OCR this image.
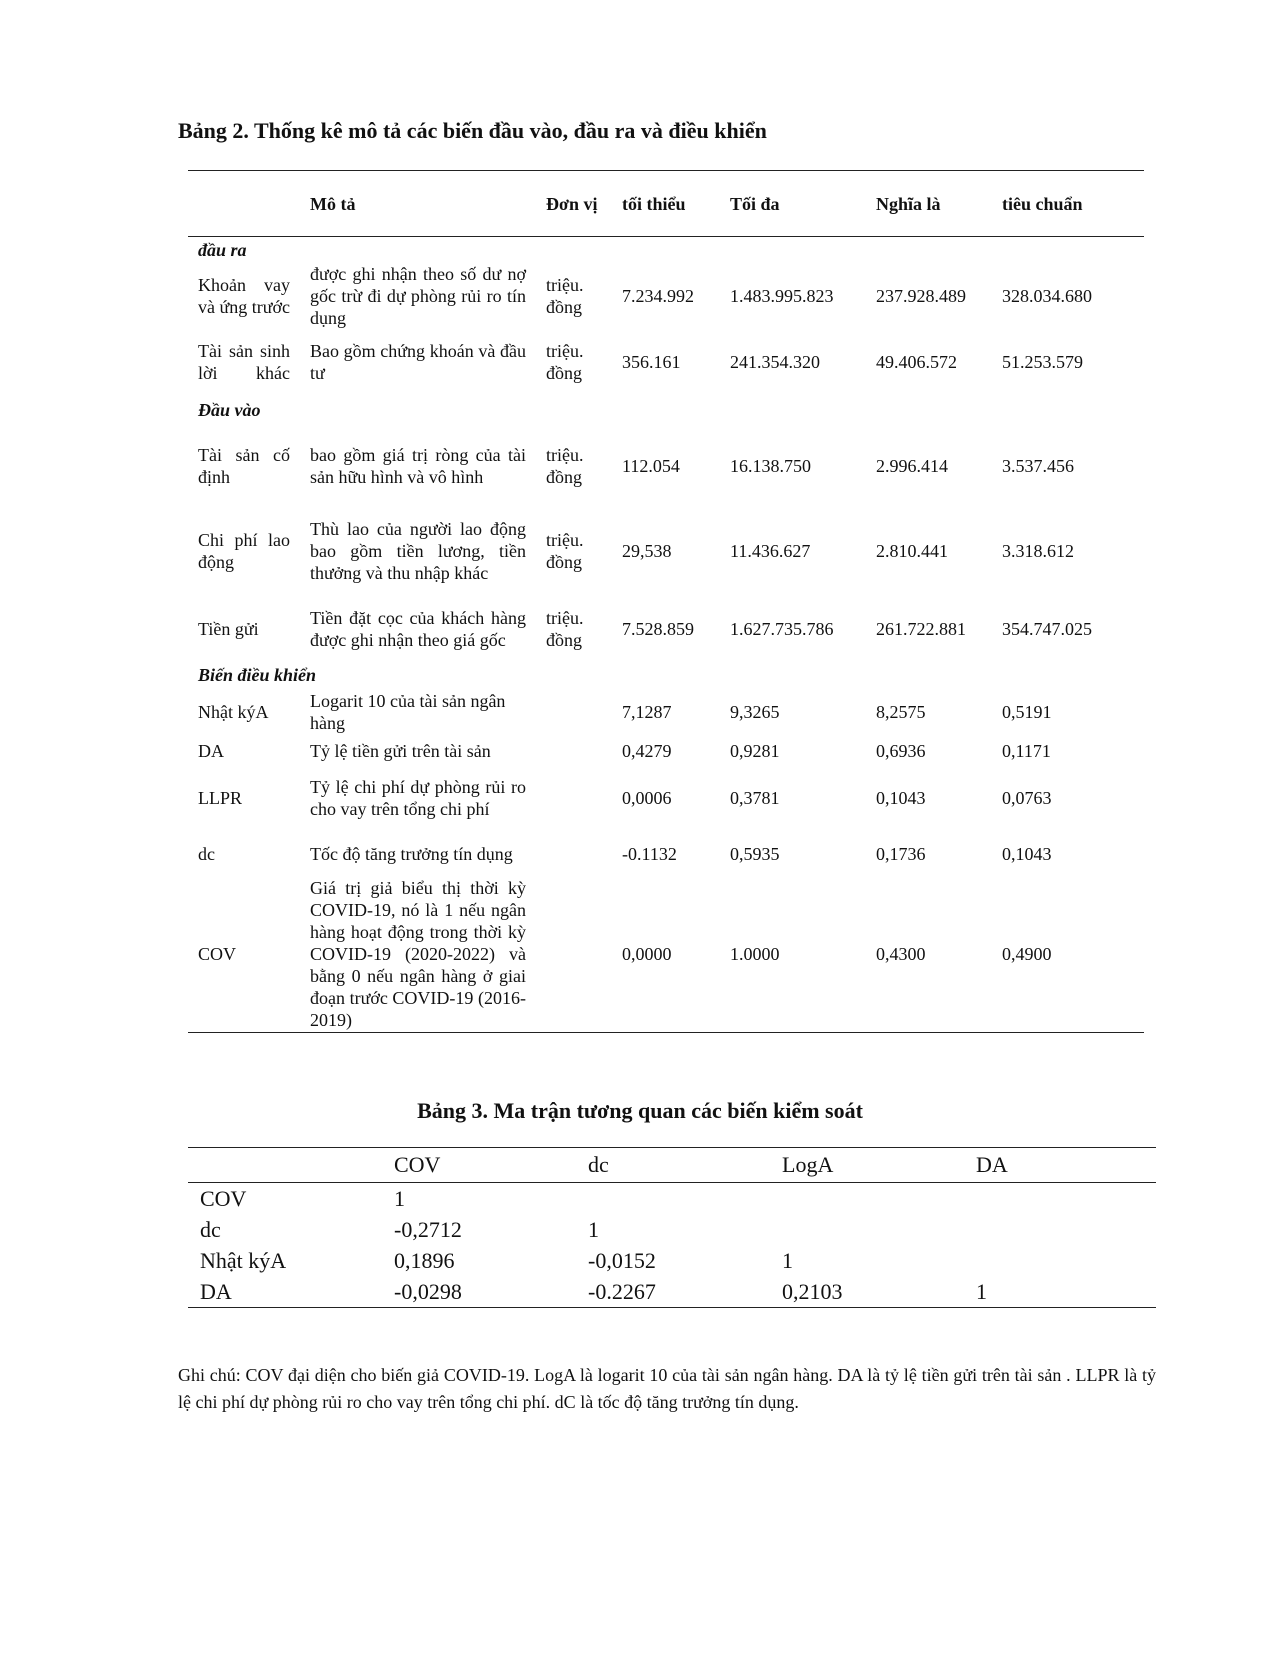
Bảng 2. Thống kê mô tả các biến đầu vào, đầu ra và điều khiển
	Mô tả	Đơn vị	tối thiểu	Tối đa	Nghĩa là	tiêu chuẩn
đầu ra						
Khoản vay và ứng trước	được ghi nhận theo số dư nợ gốc trừ đi dự phòng rủi ro tín dụng	triệu. đồng	7.234.992	1.483.995.823	237.928.489	328.034.680
Tài sản sinh lời khác	Bao gồm chứng khoán và đầu tư	triệu. đồng	356.161	241.354.320	49.406.572	51.253.579
Đầu vào						
Tài sản cố định	bao gồm giá trị ròng của tài sản hữu hình và vô hình	triệu. đồng	112.054	16.138.750	2.996.414	3.537.456
Chi phí lao động	Thù lao của người lao động bao gồm tiền lương, tiền thưởng và thu nhập khác	triệu. đồng	29,538	11.436.627	2.810.441	3.318.612
Tiền gửi	Tiền đặt cọc của khách hàng được ghi nhận theo giá gốc	triệu. đồng	7.528.859	1.627.735.786	261.722.881	354.747.025
Biến điều khiển						
Nhật kýA	Logarit 10 của tài sản ngân hàng		7,1287	9,3265	8,2575	0,5191
DA	Tỷ lệ tiền gửi trên tài sản		0,4279	0,9281	0,6936	0,1171
LLPR	Tỷ lệ chi phí dự phòng rủi ro cho vay trên tổng chi phí		0,0006	0,3781	0,1043	0,0763
dc	Tốc độ tăng trưởng tín dụng		-0.1132	0,5935	0,1736	0,1043
COV	Giá trị giả biểu thị thời kỳ COVID-19, nó là 1 nếu ngân hàng hoạt động trong thời kỳ COVID-19 (2020-2022) và bằng 0 nếu ngân hàng ở giai đoạn trước COVID-19 (2016-2019)		0,0000	1.0000	0,4300	0,4900
Bảng 3. Ma trận tương quan các biến kiểm soát
	COV	dc	LogA	DA
COV	1			
dc	-0,2712	1		
Nhật kýA	0,1896	-0,0152	1	
DA	-0,0298	-0.2267	0,2103	1
Ghi chú: COV đại diện cho biến giả COVID-19. LogA là logarit 10 của tài sản ngân hàng. DA là tỷ lệ tiền gửi trên tài sản . LLPR là tỷ lệ chi phí dự phòng rủi ro cho vay trên tổng chi phí. dC là tốc độ tăng trưởng tín dụng.
